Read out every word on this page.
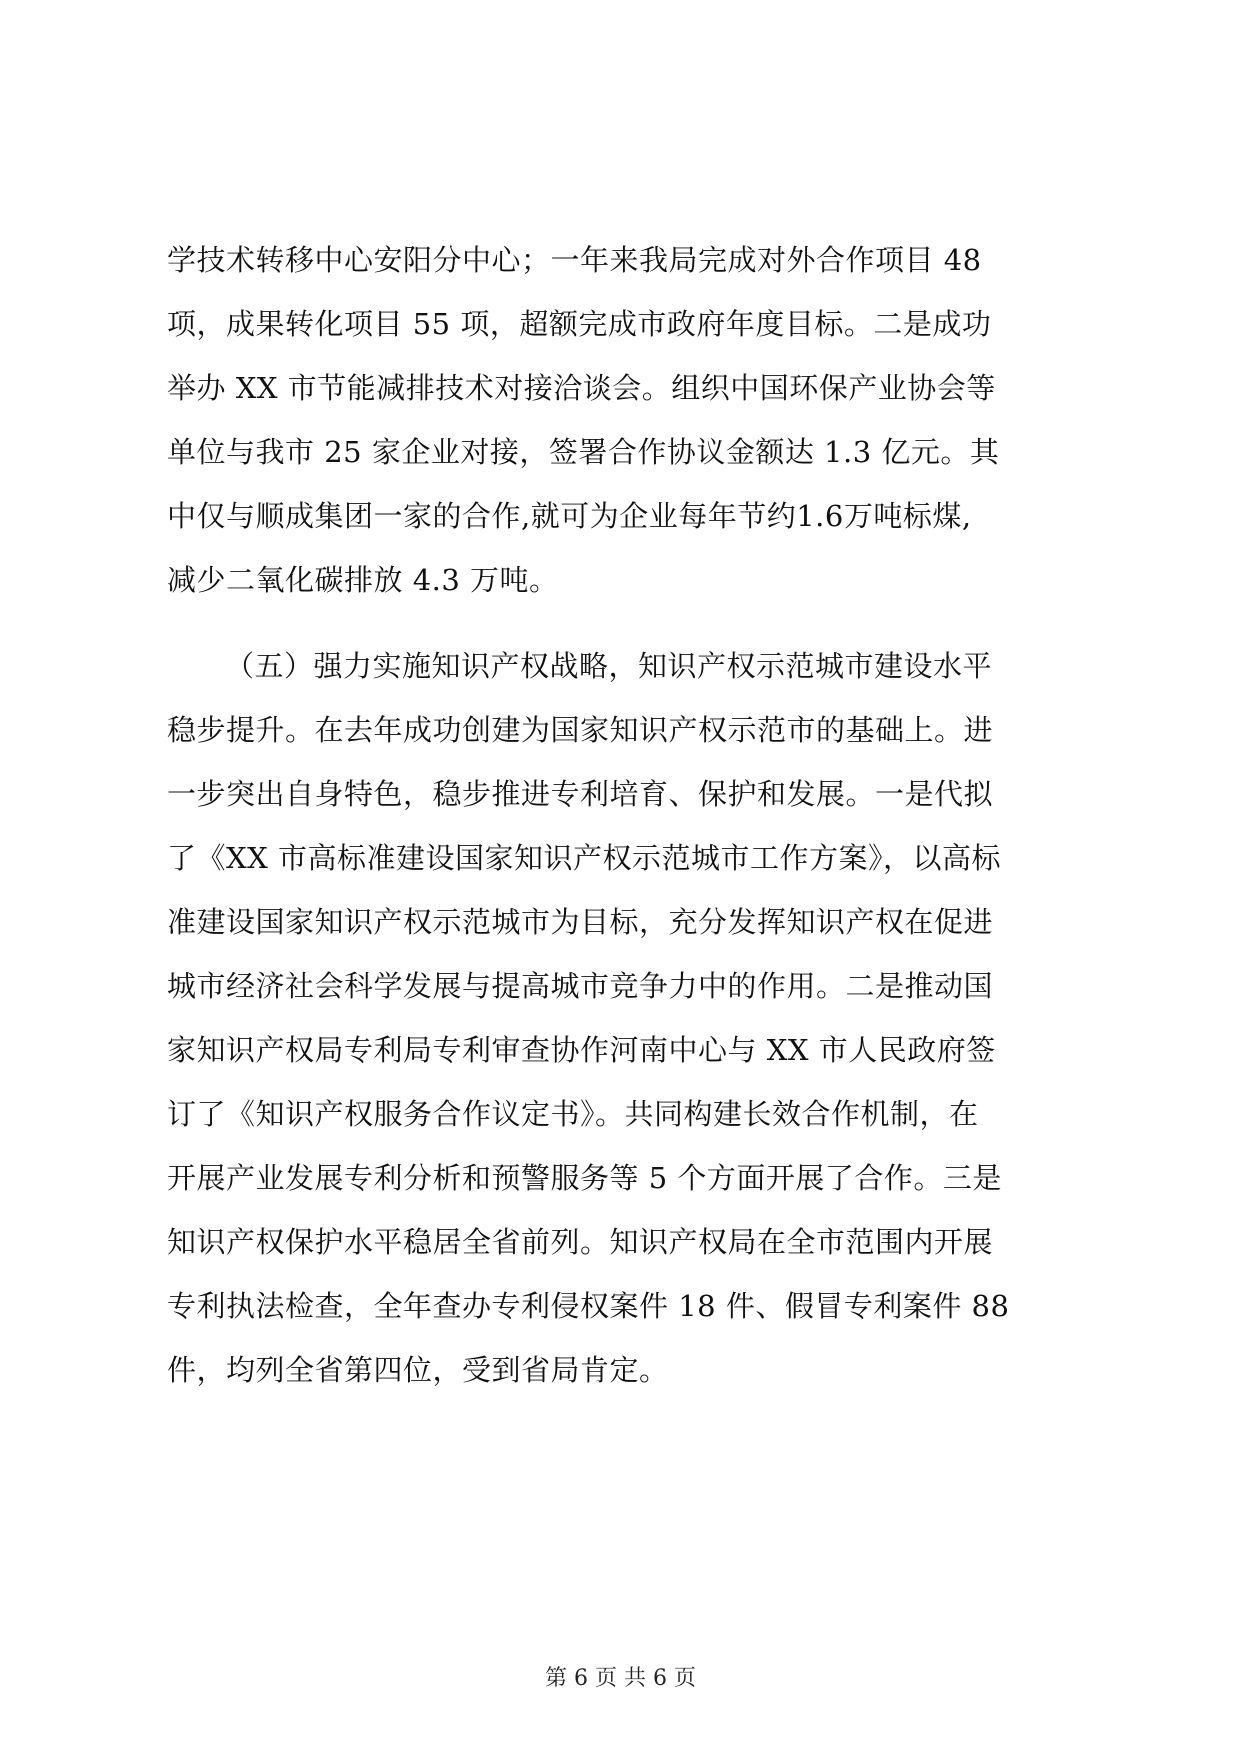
学技术转移中心安阳分中心；一年来我局完成对外合作项目 48
项，成果转化项目 55 项，超额完成市政府年度目标。二是成功
举办 XX 市节能减排技术对接洽谈会。组织中国环保产业协会等
单位与我市 25 家企业对接，签署合作协议金额达 1.3 亿元。其
中仅与顺成集团一家的合作,就可为企业每年节约1.6万吨标煤,
减少二氧化碳排放 4.3 万吨。
（五）强力实施知识产权战略，知识产权示范城市建设水平
稳步提升。在去年成功创建为国家知识产权示范市的基础上。进
一步突出自身特色，稳步推进专利培育、保护和发展。一是代拟
了《XX 市高标准建设国家知识产权示范城市工作方案》，以高标
准建设国家知识产权示范城市为目标，充分发挥知识产权在促进
城市经济社会科学发展与提高城市竞争力中的作用。二是推动国
家知识产权局专利局专利审查协作河南中心与 XX 市人民政府签
订了《知识产权服务合作议定书》。共同构建长效合作机制，在
开展产业发展专利分析和预警服务等 5 个方面开展了合作。三是
知识产权保护水平稳居全省前列。知识产权局在全市范围内开展
专利执法检查，全年查办专利侵权案件 18 件、假冒专利案件 88
件，均列全省第四位，受到省局肯定。
第 6 页 共 6 页
